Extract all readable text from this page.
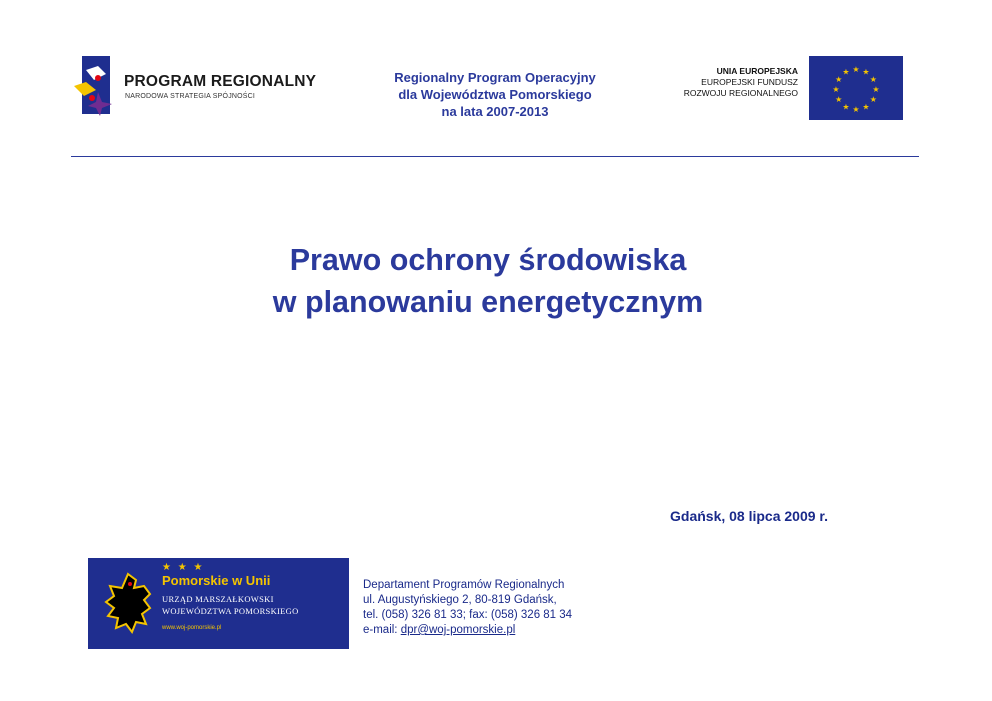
PROGRAM REGIONALNY
NARODOWA STRATEGIA SPÓJNOŚCI
Regionalny Program Operacyjny
dla Województwa Pomorskiego
na lata 2007-2013
UNIA EUROPEJSKA
EUROPEJSKI FUNDUSZ
ROZWOJU REGIONALNEGO
★ ★
★
★
★
★
★
★
★
★
★
★
Prawo ochrony środowiska
w planowaniu energetycznym
Gdańsk, 08 lipca 2009 r.
★ ★ ★
Pomorskie w Unii
URZĄD MARSZAŁKOWSKI
WOJEWÓDZTWA POMORSKIEGO
www.woj-pomorskie.pl
Departament Programów Regionalnych
ul. Augustyńskiego 2, 80-819 Gdańsk,
tel. (058) 326 81 33; fax: (058) 326 81 34
e-mail: dpr@woj-pomorskie.pl
